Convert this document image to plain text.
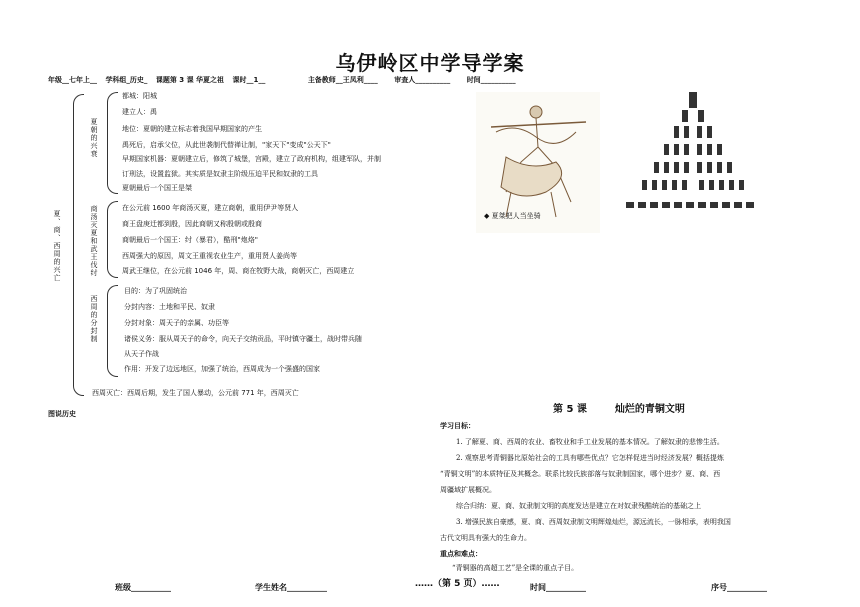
乌伊岭区中学导学案
年级__七年上__ 学科组_历史_ 课题第 3 课 华夏之祖 课时__1__	主备教师__王凤利____ 审查人__________ 时间__________
夏、商、西周的兴亡
夏朝的兴衰
商汤灭夏和武王伐纣
西周的分封制
都城：阳城
建立人：禹
地位：夏朝的建立标志着我国早期国家的产生
禹死后，启承父位，从此世袭制代替禅让制，"家天下"变成"公天下"
早期国家机器：夏朝建立后，修筑了城堡，宫殿，建立了政府机构，组建军队，并制
订刑法，设置监狱。其实质是奴隶主阶级压迫平民和奴隶的工具
夏朝最后一个国王是桀
在公元前 1600 年商汤灭夏，建立商朝，重用伊尹等贤人
商王盘庚迁都到殷，因此商朝又称殷朝或殷商
商朝最后一个国王：纣（暴君），酷刑"炮烙"
西周强大的原因，周文王重视农业生产，重用贤人姜尚等
周武王继位，在公元前 1046 年，周、商在牧野大战，商朝灭亡，西周建立
目的：为了巩固统治
分封内容：土地和平民、奴隶
分封对象：周天子的亲属、功臣等
诸侯义务：服从周天子的命令，向天子交纳贡品，平时镇守疆土，战时带兵随
从天子作战
作用：开发了边远地区，加强了统治，西周成为一个强盛的国家
西周灭亡：西周后期，发生了国人暴动，公元前 771 年，西周灭亡
图说历史
◆ 夏桀把人当坐骑
第 5 课	灿烂的青铜文明
学习目标：
1. 了解夏、商、西周的农业、畜牧业和手工业发展的基本情况。了解奴隶的悲惨生活。
2. 观察思考青铜器比原始社会的工具有哪些优点？它怎样促进当时经济发展？概括提炼
“青铜文明”的本质特征及其概念。联系比较氏族部落与奴隶制国家，哪个进步？夏、商、西
周疆域扩展概况。
综合归纳：夏、商、奴隶制文明的高度发达是建立在对奴隶残酷统治的基础之上
3. 增强民族自豪感，夏、商、西周奴隶制文明辉煌灿烂，源远流长，一脉相承，表明我国
古代文明具有强大的生命力。
重点和难点：
“青铜器的高超工艺”是全课的重点子目。
班级__________	学生姓名__________	……（第 5 页）……	时间__________	序号__________
